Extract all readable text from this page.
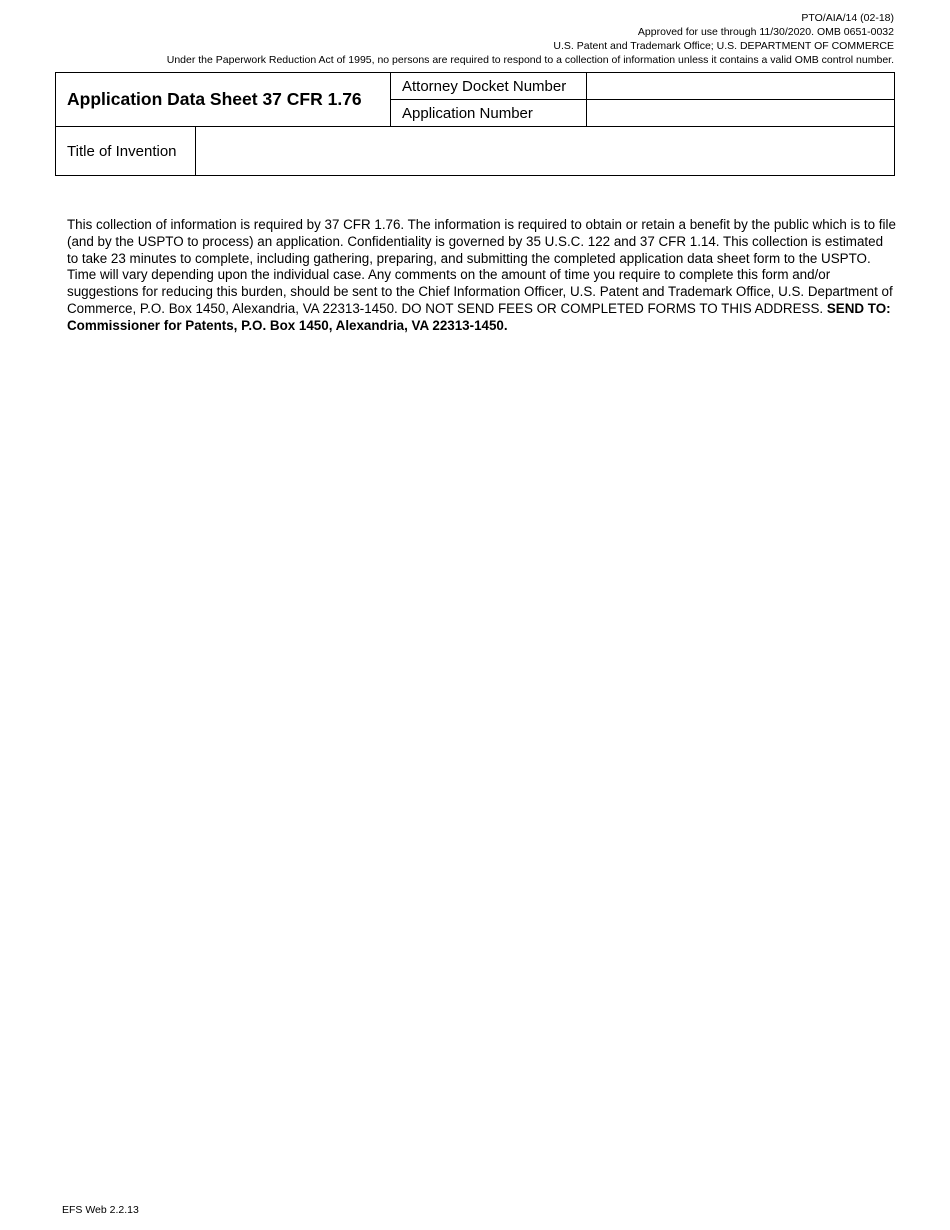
PTO/AIA/14 (02-18)
Approved for use through 11/30/2020. OMB 0651-0032
U.S. Patent and Trademark Office; U.S. DEPARTMENT OF COMMERCE
Under the Paperwork Reduction Act of 1995, no persons are required to respond to a collection of information unless it contains a valid OMB control number.
Application Data Sheet 37 CFR 1.76	Attorney Docket Number	
	Application Number	
Title of Invention	
This collection of information is required by 37 CFR 1.76. The information is required to obtain or retain a benefit by the public which is to file (and by the USPTO to process) an application. Confidentiality is governed by 35 U.S.C. 122 and 37 CFR 1.14. This collection is estimated to take 23 minutes to complete, including gathering, preparing, and submitting the completed application data sheet form to the USPTO. Time will vary depending upon the individual case. Any comments on the amount of time you require to complete this form and/or suggestions for reducing this burden, should be sent to the Chief Information Officer, U.S. Patent and Trademark Office, U.S. Department of Commerce, P.O. Box 1450, Alexandria, VA 22313-1450. DO NOT SEND FEES OR COMPLETED FORMS TO THIS ADDRESS. SEND TO: Commissioner for Patents, P.O. Box 1450, Alexandria, VA 22313-1450.
EFS Web 2.2.13
